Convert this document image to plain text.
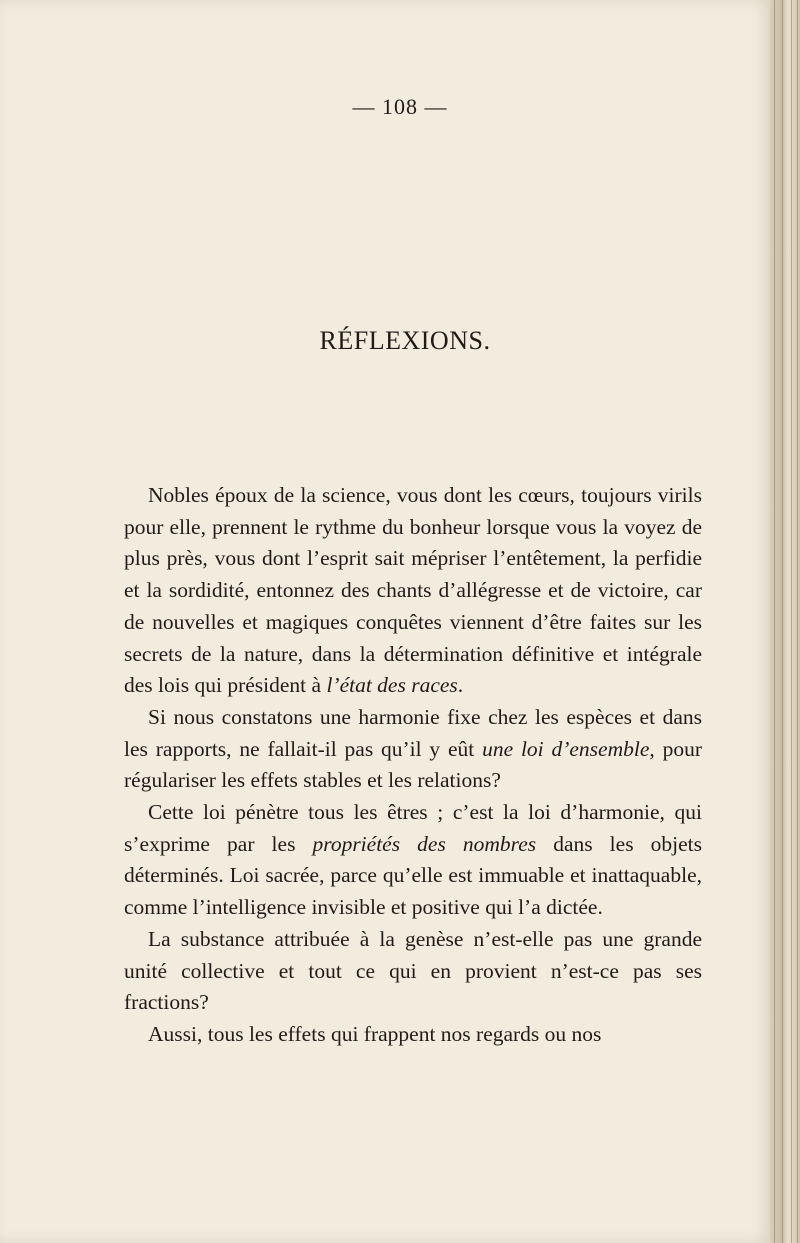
— 108 —
RÉFLEXIONS.

Nobles époux de la science, vous dont les cœurs, toujours virils pour elle, prennent le rythme du bonheur lorsque vous la voyez de plus près, vous dont l’esprit sait mépriser l’entêtement, la perfidie et la sordidité, entonnez des chants d’allégresse et de victoire, car de nouvelles et magiques conquêtes viennent d’être faites sur les secrets de la nature, dans la détermination définitive et intégrale des lois qui président à l’état des races.

Si nous constatons une harmonie fixe chez les espèces et dans les rapports, ne fallait-il pas qu’il y eût une loi d’ensemble, pour régulariser les effets stables et les relations?

Cette loi pénètre tous les êtres ; c’est la loi d’harmonie, qui s’exprime par les propriétés des nombres dans les objets déterminés. Loi sacrée, parce qu’elle est immuable et inattaquable, comme l’intelligence invisible et positive qui l’a dictée.

La substance attribuée à la genèse n’est-elle pas une grande unité collective et tout ce qui en provient n’est-ce pas ses fractions?

Aussi, tous les effets qui frappent nos regards ou nos
